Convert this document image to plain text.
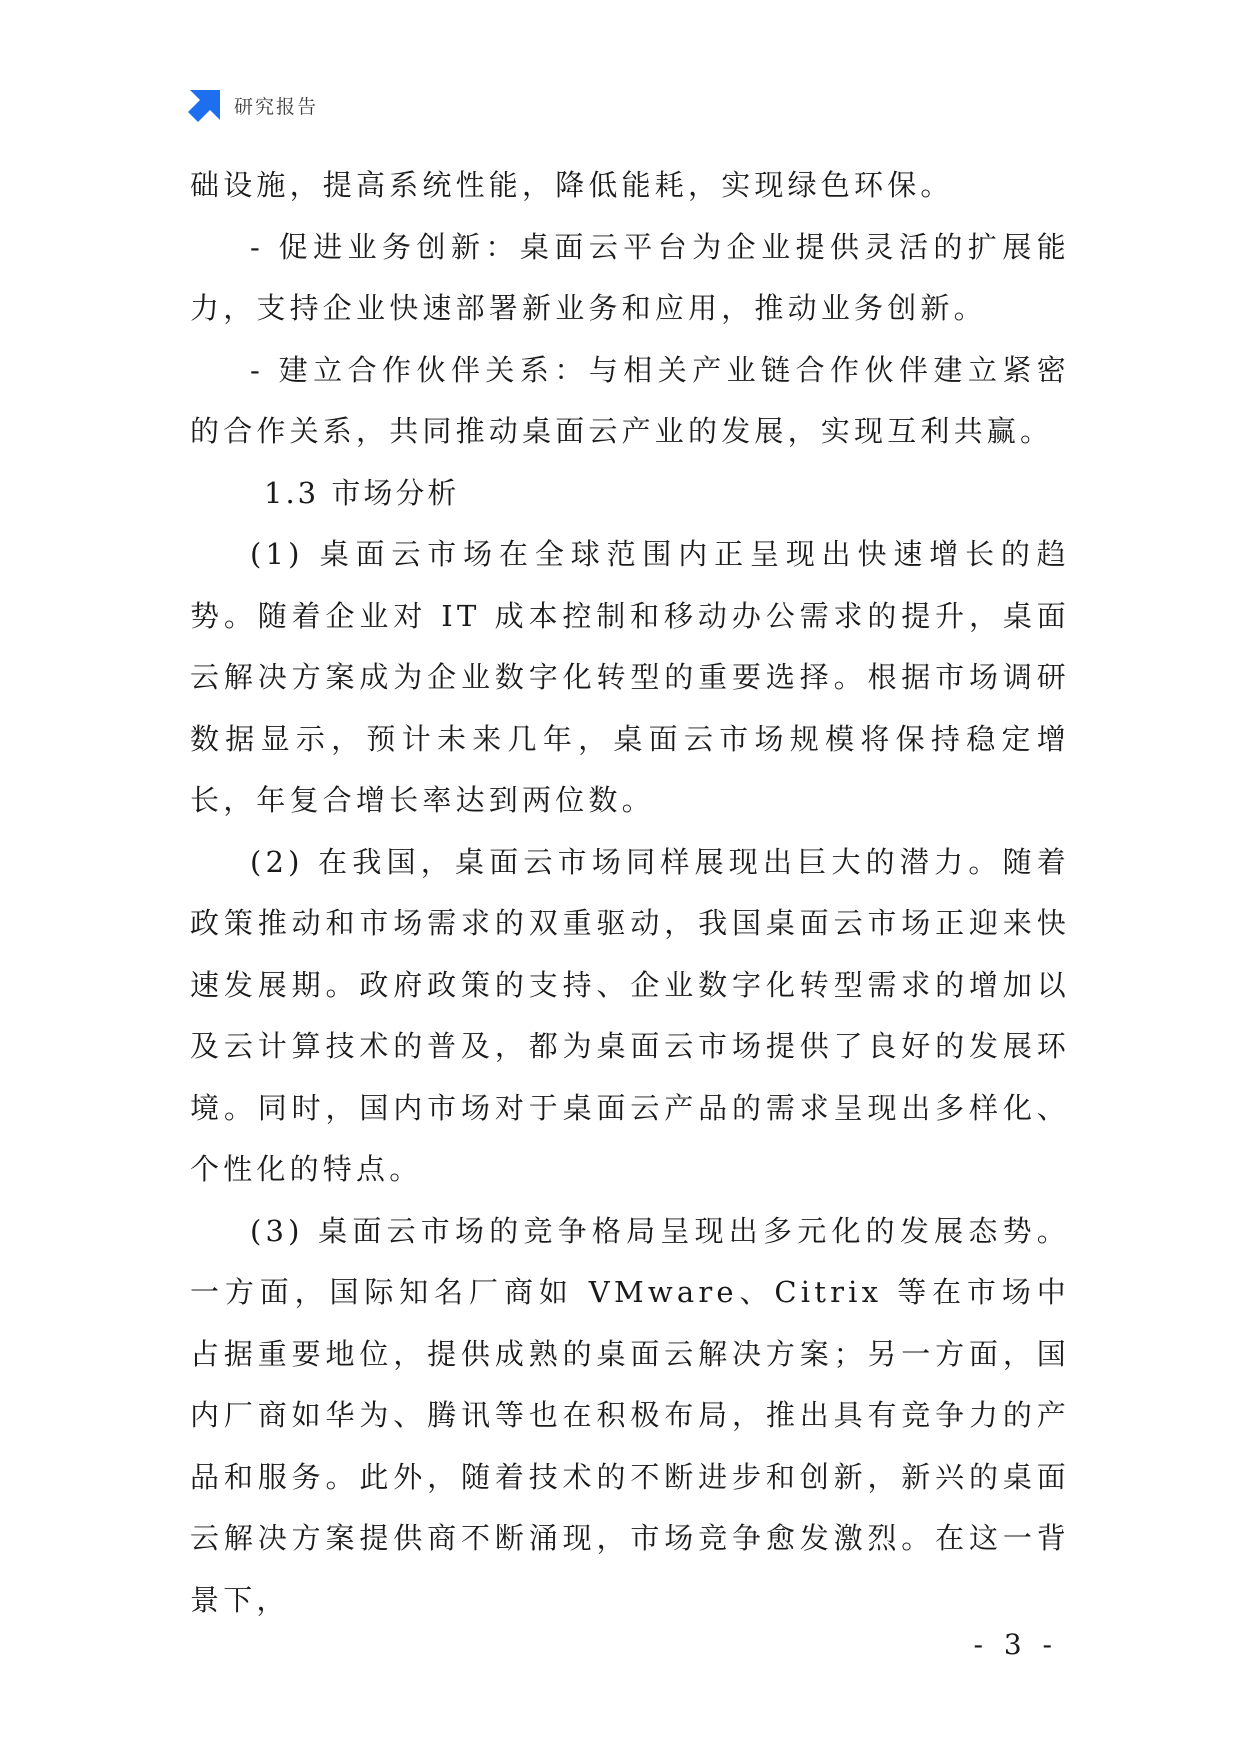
研究报告

础设施，提高系统性能，降低能耗，实现绿色环保。

- 促进业务创新：桌面云平台为企业提供灵活的扩展能力，支持企业快速部署新业务和应用，推动业务创新。

- 建立合作伙伴关系：与相关产业链合作伙伴建立紧密的合作关系，共同推动桌面云产业的发展，实现互利共赢。

1.3 市场分析

(1) 桌面云市场在全球范围内正呈现出快速增长的趋势。随着企业对 IT 成本控制和移动办公需求的提升，桌面云解决方案成为企业数字化转型的重要选择。根据市场调研数据显示，预计未来几年，桌面云市场规模将保持稳定增长，年复合增长率达到两位数。

(2) 在我国，桌面云市场同样展现出巨大的潜力。随着政策推动和市场需求的双重驱动，我国桌面云市场正迎来快速发展期。政府政策的支持、企业数字化转型需求的增加以及云计算技术的普及，都为桌面云市场提供了良好的发展环境。同时，国内市场对于桌面云产品的需求呈现出多样化、个性化的特点。

(3) 桌面云市场的竞争格局呈现出多元化的发展态势。一方面，国际知名厂商如 VMware、Citrix 等在市场中占据重要地位，提供成熟的桌面云解决方案；另一方面，国内厂商如华为、腾讯等也在积极布局，推出具有竞争力的产品和服务。此外，随着技术的不断进步和创新，新兴的桌面云解决方案提供商不断涌现，市场竞争愈发激烈。在这一背景下，

- 3 -
